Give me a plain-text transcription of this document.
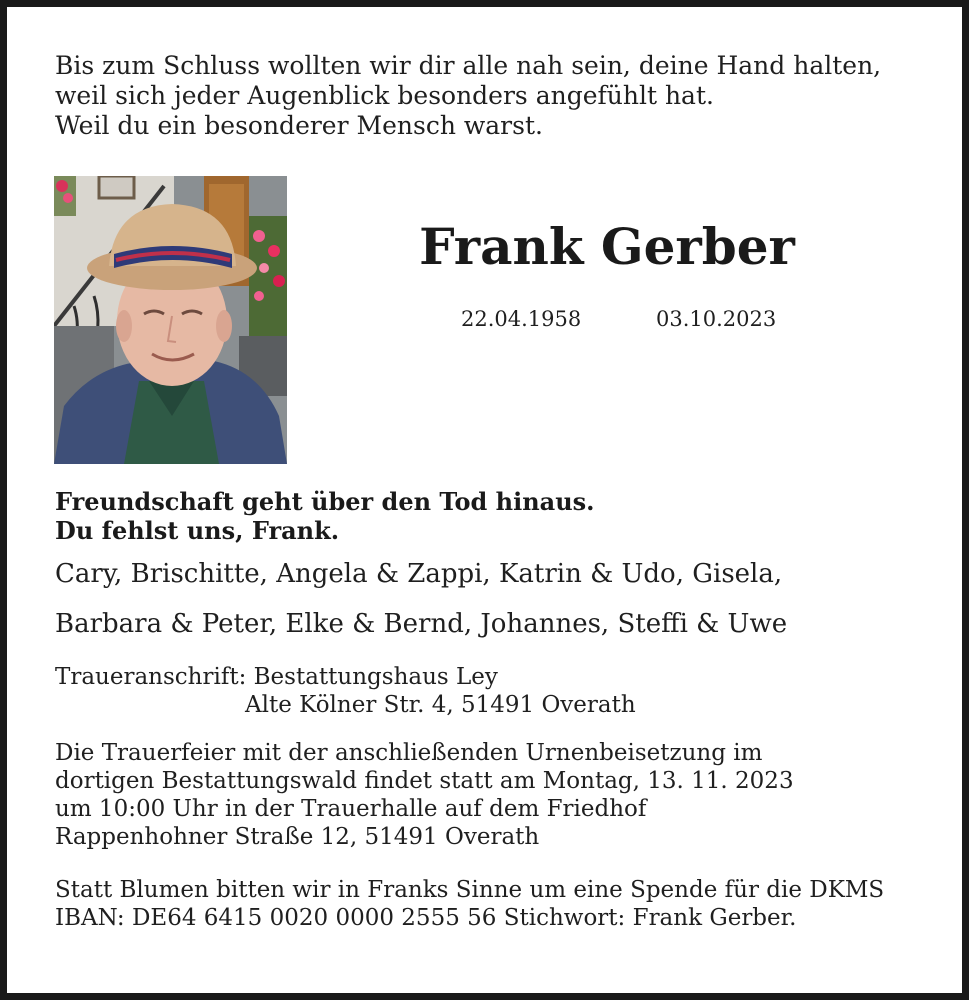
Bis zum Schluss wollten wir dir alle nah sein, deine Hand halten,
weil sich jeder Augenblick besonders angefühlt hat.
Weil du ein besonderer Mensch warst.
Frank Gerber
22.04.1958	03.10.2023
Freundschaft geht über den Tod hinaus.
Du fehlst uns, Frank.
Cary, Brischitte, Angela & Zappi, Katrin & Udo, Gisela,
Barbara & Peter, Elke & Bernd, Johannes, Steffi & Uwe
Traueranschrift: Bestattungshaus Ley
Alte Kölner Str. 4, 51491 Overath
Die Trauerfeier mit der anschließenden Urnenbeisetzung im
dortigen Bestattungswald findet statt am Montag, 13. 11. 2023
um 10:00 Uhr in der Trauerhalle auf dem Friedhof
Rappenhohner Straße 12, 51491 Overath
Statt Blumen bitten wir in Franks Sinne um eine Spende für die DKMS
IBAN: DE64 6415 0020 0000 2555 56 Stichwort: Frank Gerber.
